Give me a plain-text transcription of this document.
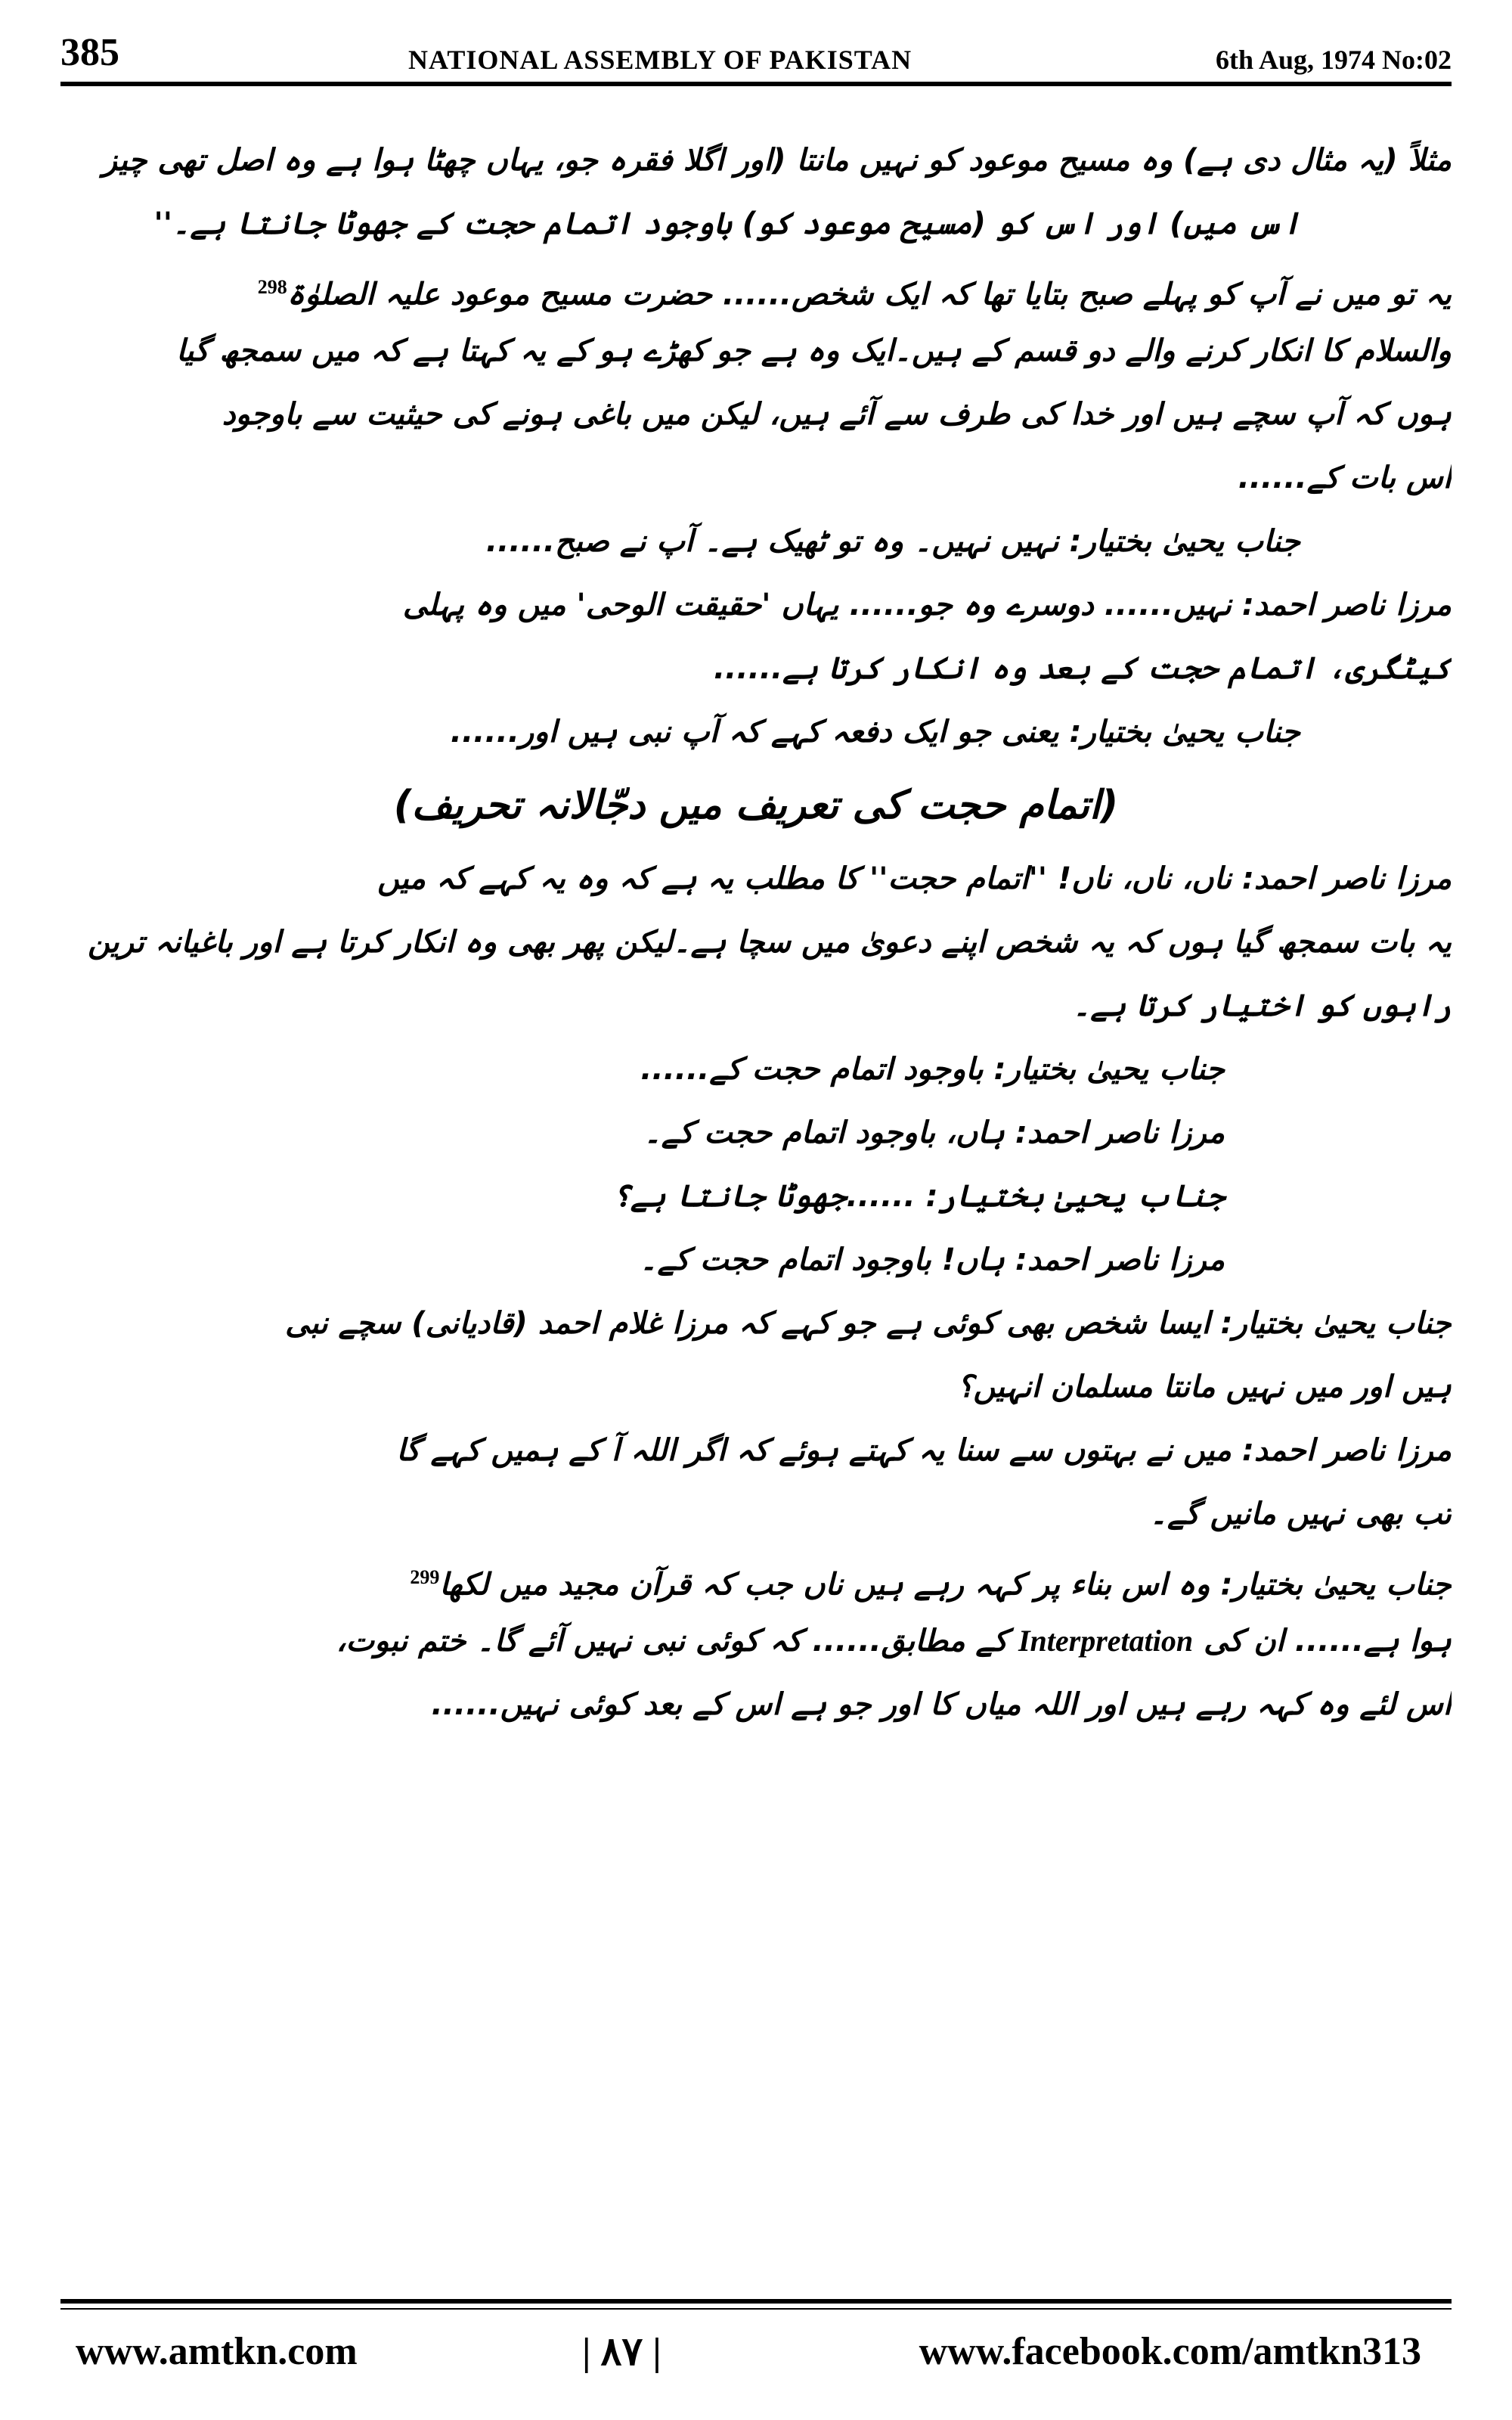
385	NATIONAL ASSEMBLY OF PAKISTAN	6th Aug, 1974 No:02
مثلاً (یہ مثال دی ہے) وہ مسیح موعود کو نہیں مانتا (اور اگلا فقرہ جو، یہاں چھٹا ہوا ہے وہ اصل تھی چیز
اس میں) اور اس کو (مسیح موعود کو) باوجود اتمام حجت کے جھوٹا جانتا ہے۔''
یہ تو میں نے آپ کو پہلے صبح بتایا تھا کہ ایک شخص...... حضرت مسیح موعود علیہ الصلوٰۃ$^{298}$
والسلام کا انکار کرنے والے دو قسم کے ہیں۔ایک وہ ہے جو کھڑے ہو کے یہ کہتا ہے کہ میں سمجھ گیا
ہوں کہ آپ سچے ہیں اور خدا کی طرف سے آئے ہیں، لیکن میں باغی ہونے کی حیثیت سے باوجود
اس بات کے......
جناب یحییٰ بختیار: نہیں نہیں۔ وہ تو ٹھیک ہے۔ آپ نے صبح......
مرزا ناصر احمد: نہیں...... دوسرے وہ جو...... یہاں 'حقیقت الوحی' میں وہ پہلی
کیٹگری، اتمام حجت کے بعد وہ انکار کرتا ہے......
جناب یحییٰ بختیار: یعنی جو ایک دفعہ کہے کہ آپ نبی ہیں اور......
(اتمام حجت کی تعریف میں دجّالانہ تحریف)
مرزا ناصر احمد: ناں، ناں، ناں! ''اتمام حجت'' کا مطلب یہ ہے کہ وہ یہ کہے کہ میں
یہ بات سمجھ گیا ہوں کہ یہ شخص اپنے دعویٰ میں سچا ہے۔لیکن پھر بھی وہ انکار کرتا ہے اور باغیانہ ترین
راہوں کو اختیار کرتا ہے۔
جناب یحییٰ بختیار: باوجود اتمام حجت کے......
مرزا ناصر احمد: ہاں، باوجود اتمام حجت کے۔
جناب یحییٰ بختیار: ......جھوٹا جانتا ہے؟
مرزا ناصر احمد: ہاں! باوجود اتمام حجت کے۔
جناب یحییٰ بختیار: ایسا شخص بھی کوئی ہے جو کہے کہ مرزا غلام احمد (قادیانی) سچے نبی
ہیں اور میں نہیں مانتا مسلمان انہیں؟
مرزا ناصر احمد: میں نے بہتوں سے سنا یہ کہتے ہوئے کہ اگر اللہ آ کے ہمیں کہے گا
تب بھی نہیں مانیں گے۔
جناب یحییٰ بختیار: وہ اس بناء پر کہہ رہے ہیں ناں جب کہ قرآن مجید میں لکھا$^{299}$
ہوا ہے...... ان کی Interpretation کے مطابق...... کہ کوئی نبی نہیں آئے گا۔ ختم نبوت،
اس لئے وہ کہہ رہے ہیں اور اللہ میاں کا اور جو ہے اس کے بعد کوئی نہیں......
www.amtkn.com	| ۸۷ |	www.facebook.com/amtkn313
